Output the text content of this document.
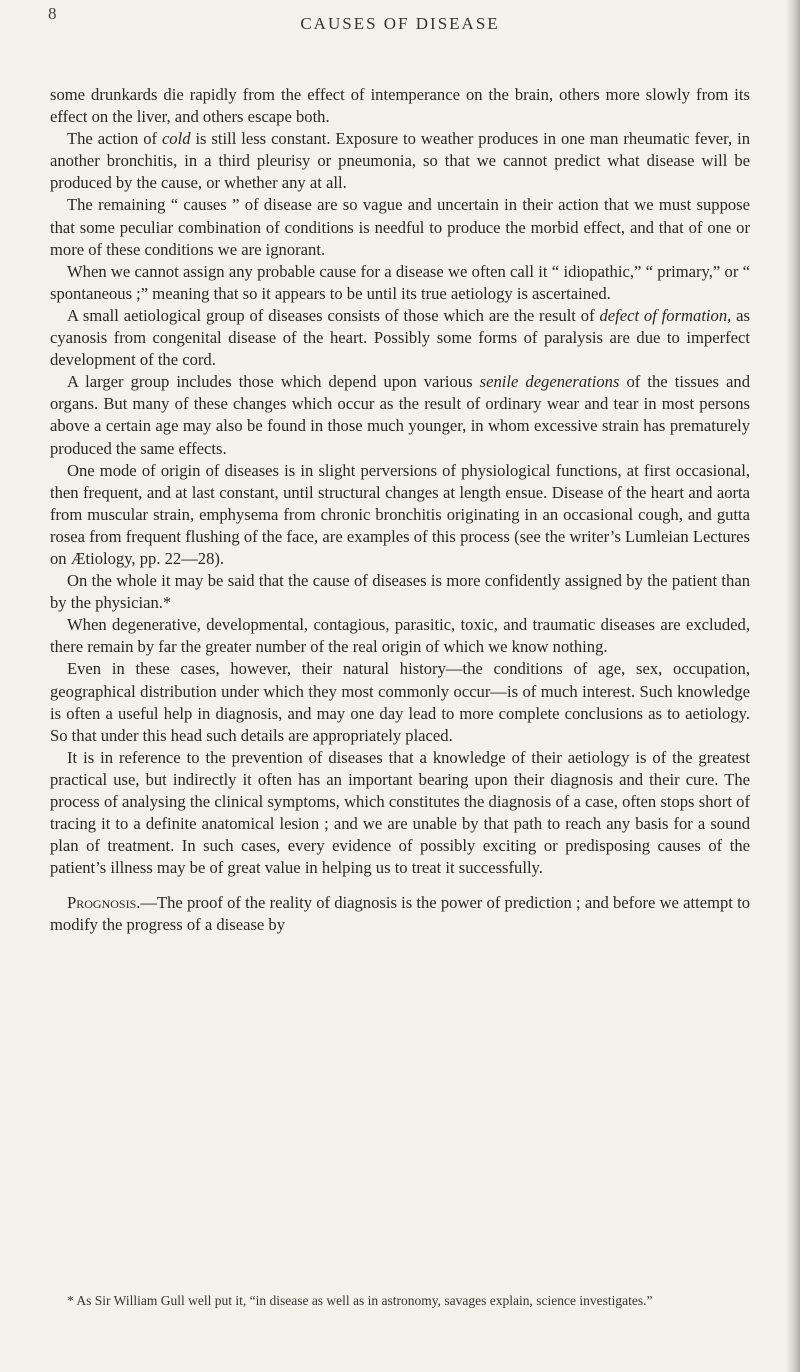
8
CAUSES OF DISEASE

some drunkards die rapidly from the effect of intemperance on the brain, others more slowly from its effect on the liver, and others escape both.

The action of cold is still less constant. Exposure to weather produces in one man rheumatic fever, in another bronchitis, in a third pleurisy or pneumonia, so that we cannot predict what disease will be produced by the cause, or whether any at all.

The remaining “ causes ” of disease are so vague and uncertain in their action that we must suppose that some peculiar combination of conditions is needful to produce the morbid effect, and that of one or more of these conditions we are ignorant.

When we cannot assign any probable cause for a disease we often call it “ idiopathic,” “ primary,” or “ spontaneous ;” meaning that so it appears to be until its true aetiology is ascertained.

A small aetiological group of diseases consists of those which are the result of defect of formation, as cyanosis from congenital disease of the heart. Possibly some forms of paralysis are due to imperfect development of the cord.

A larger group includes those which depend upon various senile degenerations of the tissues and organs. But many of these changes which occur as the result of ordinary wear and tear in most persons above a certain age may also be found in those much younger, in whom excessive strain has prematurely produced the same effects.

One mode of origin of diseases is in slight perversions of physiological functions, at first occasional, then frequent, and at last constant, until structural changes at length ensue. Disease of the heart and aorta from muscular strain, emphysema from chronic bronchitis originating in an occasional cough, and gutta rosea from frequent flushing of the face, are examples of this process (see the writer’s Lumleian Lectures on Ætiology, pp. 22—28).

On the whole it may be said that the cause of diseases is more confidently assigned by the patient than by the physician.*

When degenerative, developmental, contagious, parasitic, toxic, and traumatic diseases are excluded, there remain by far the greater number of the real origin of which we know nothing.

Even in these cases, however, their natural history—the conditions of age, sex, occupation, geographical distribution under which they most commonly occur—is of much interest. Such knowledge is often a useful help in diagnosis, and may one day lead to more complete conclusions as to aetiology. So that under this head such details are appropriately placed.

It is in reference to the prevention of diseases that a knowledge of their aetiology is of the greatest practical use, but indirectly it often has an important bearing upon their diagnosis and their cure. The process of analysing the clinical symptoms, which constitutes the diagnosis of a case, often stops short of tracing it to a definite anatomical lesion ; and we are unable by that path to reach any basis for a sound plan of treatment. In such cases, every evidence of possibly exciting or predisposing causes of the patient’s illness may be of great value in helping us to treat it successfully.

Prognosis.—The proof of the reality of diagnosis is the power of prediction ; and before we attempt to modify the progress of a disease by

* As Sir William Gull well put it, “in disease as well as in astronomy, savages explain, science investigates.”
